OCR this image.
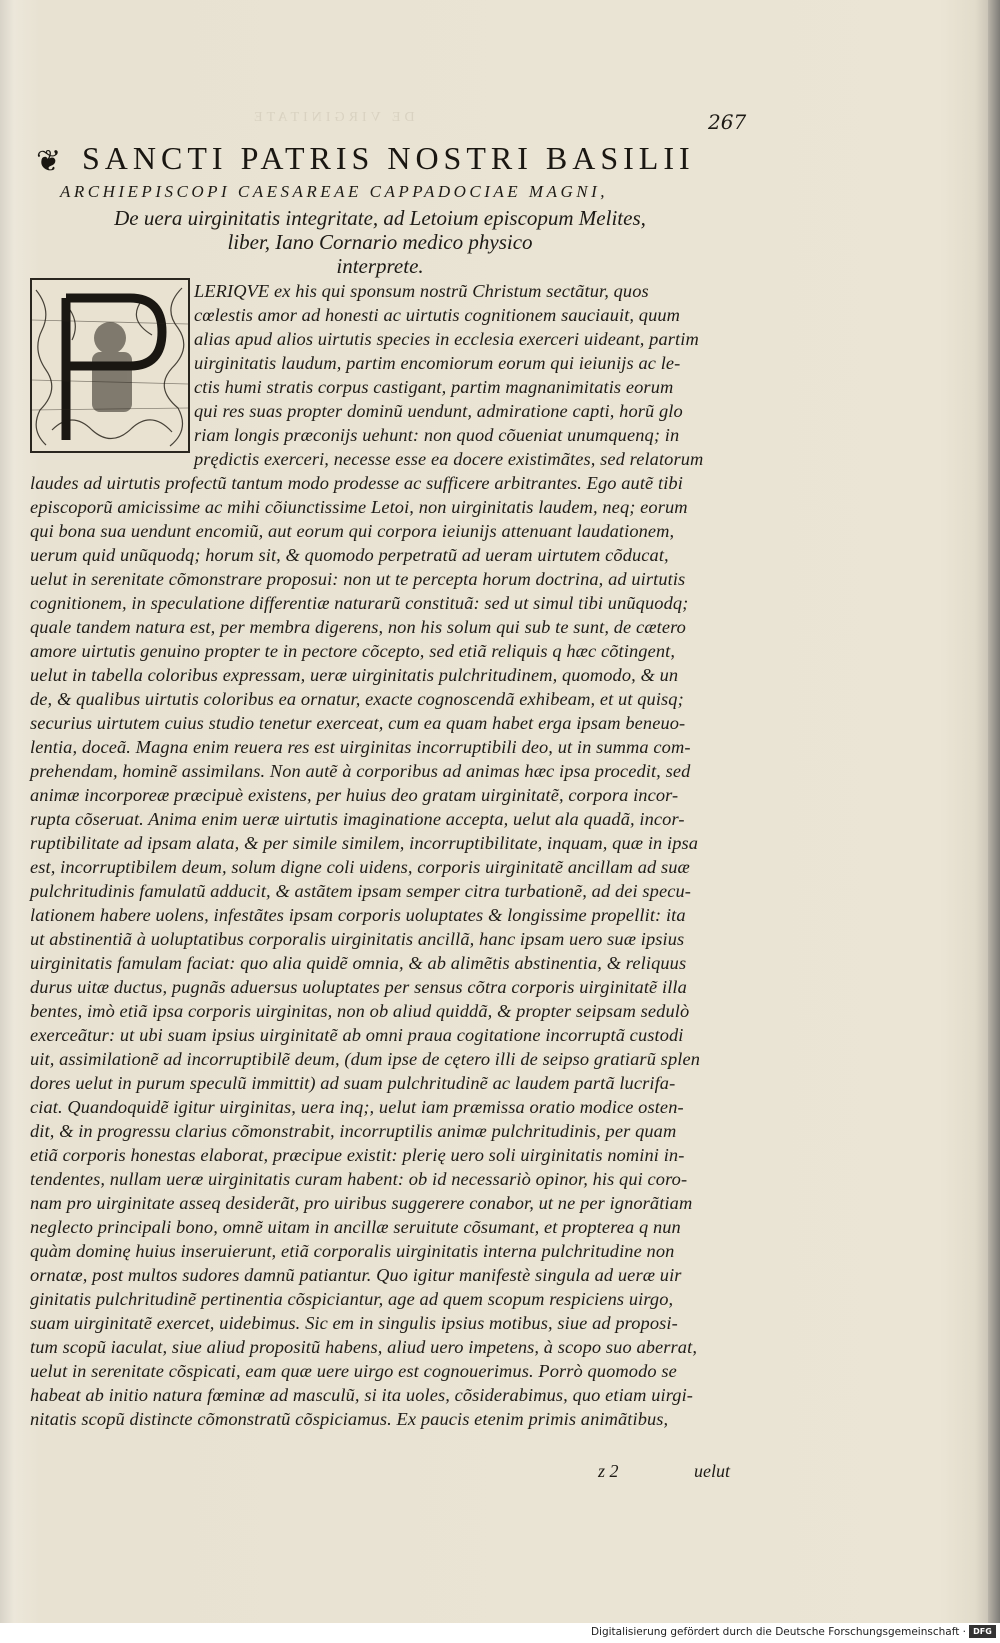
DE VIRGINITATE	267
❦ SANCTI PATRIS NOSTRI BASILII
ARCHIEPISCOPI CAESAREAE CAPPADOCIAE MAGNI,
De uera uirginitatis integritate, ad Letoium episcopum Melites,
liber, Iano Cornario medico physico
interprete.
LERIQVE ex his qui sponsum nostrũ Christum sectãtur, quos
cœlestis amor ad honesti ac uirtutis cognitionem sauciauit, quum
alias apud alios uirtutis species in ecclesia exerceri uideant, partim
uirginitatis laudum, partim encomiorum eorum qui ieiunijs ac le-
ctis humi stratis corpus castigant, partim magnanimitatis eorum
qui res suas propter dominũ uendunt, admiratione capti, horũ glo
riam longis præconijs uehunt: non quod cõueniat unumquenq; in
prędictis exerceri, necesse esse ea docere existimãtes, sed relatorum
laudes ad uirtutis profectũ tantum modo prodesse ac sufficere arbitrantes. Ego autẽ tibi
episcoporũ amicissime ac mihi cõiunctissime Letoi, non uirginitatis laudem, neq; eorum
qui bona sua uendunt encomiũ, aut eorum qui corpora ieiunijs attenuant laudationem,
uerum quid unũquodq; horum sit, & quomodo perpetratũ ad ueram uirtutem cõducat,
uelut in serenitate cõmonstrare proposui: non ut te percepta horum doctrina, ad uirtutis
cognitionem, in speculatione differentiæ naturarũ constituã: sed ut simul tibi unũquodq;
quale tandem natura est, per membra digerens, non his solum qui sub te sunt, de cætero
amore uirtutis genuino propter te in pectore cõcepto, sed etiã reliquis q hæc cõtingent,
uelut in tabella coloribus expressam, ueræ uirginitatis pulchritudinem, quomodo, & un
de, & qualibus uirtutis coloribus ea ornatur, exacte cognoscendã exhibeam, et ut quisq;
securius uirtutem cuius studio tenetur exerceat, cum ea quam habet erga ipsam beneuo-
lentia, doceã. Magna enim reuera res est uirginitas incorruptibili deo, ut in summa com-
prehendam, hominẽ assimilans. Non autẽ à corporibus ad animas hæc ipsa procedit, sed
animæ incorporeæ præcipuè existens, per huius deo gratam uirginitatẽ, corpora incor-
rupta cõseruat. Anima enim ueræ uirtutis imaginatione accepta, uelut ala quadã, incor-
ruptibilitate ad ipsam alata, & per simile similem, incorruptibilitate, inquam, quæ in ipsa
est, incorruptibilem deum, solum digne coli uidens, corporis uirginitatẽ ancillam ad suæ
pulchritudinis famulatũ adducit, & astãtem ipsam semper citra turbationẽ, ad dei specu-
lationem habere uolens, infestãtes ipsam corporis uoluptates & longissime propellit: ita
ut abstinentiã à uoluptatibus corporalis uirginitatis ancillã, hanc ipsam uero suæ ipsius
uirginitatis famulam faciat: quo alia quidẽ omnia, & ab alimẽtis abstinentia, & reliquus
durus uitæ ductus, pugnãs aduersus uoluptates per sensus cõtra corporis uirginitatẽ illa
bentes, imò etiã ipsa corporis uirginitas, non ob aliud quiddã, & propter seipsam sedulò
exerceãtur: ut ubi suam ipsius uirginitatẽ ab omni praua cogitatione incorruptã custodi
uit, assimilationẽ ad incorruptibilẽ deum, (dum ipse de cętero illi de seipso gratiarũ splen
dores uelut in purum speculũ immittit) ad suam pulchritudinẽ ac laudem partã lucrifa-
ciat. Quandoquidẽ igitur uirginitas, uera inq;, uelut iam præmissa oratio modice osten-
dit, & in progressu clarius cõmonstrabit, incorruptilis animæ pulchritudinis, per quam
etiã corporis honestas elaborat, præcipue existit: plerię uero soli uirginitatis nomini in-
tendentes, nullam ueræ uirginitatis curam habent: ob id necessariò opinor, his qui coro-
nam pro uirginitate asseq desiderãt, pro uiribus suggerere conabor, ut ne per ignorãtiam
neglecto principali bono, omnẽ uitam in ancillæ seruitute cõsumant, et propterea q nun
quàm dominę huius inseruierunt, etiã corporalis uirginitatis interna pulchritudine non
ornatæ, post multos sudores damnũ patiantur. Quo igitur manifestè singula ad ueræ uir
ginitatis pulchritudinẽ pertinentia cõspiciantur, age ad quem scopum respiciens uirgo,
suam uirginitatẽ exercet, uidebimus. Sic em in singulis ipsius motibus, siue ad proposi-
tum scopũ iaculat, siue aliud propositũ habens, aliud uero impetens, à scopo suo aberrat,
uelut in serenitate cõspicati, eam quæ uere uirgo est cognouerimus. Porrò quomodo se
habeat ab initio natura fœminæ ad masculũ, si ita uoles, cõsiderabimus, quo etiam uirgi-
nitatis scopũ distincte cõmonstratũ cõspiciamus. Ex paucis etenim primis animãtibus,
z 2	uelut
Digitalisierung gefördert durch die Deutsche Forschungsgemeinschaft · DFG
